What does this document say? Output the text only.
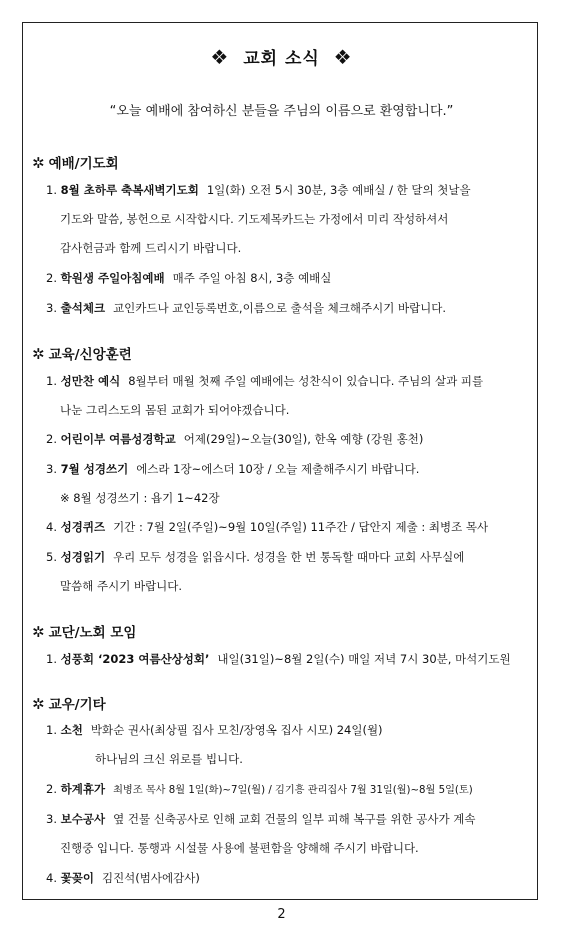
❖ 교회 소식 ❖
“오늘 예배에 참여하신 분들을 주님의 이름으로 환영합니다.”
✲ 예배/기도회
1. 8월 초하루 축복새벽기도회 1일(화) 오전 5시 30분, 3층 예배실 / 한 달의 첫날을
기도와 말씀, 봉헌으로 시작합시다. 기도제목카드는 가정에서 미리 작성하셔서
감사헌금과 함께 드리시기 바랍니다.
2. 학원생 주일아침예배 매주 주일 아침 8시, 3층 예배실
3. 출석체크 교인카드나 교인등록번호,이름으로 출석을 체크해주시기 바랍니다.
✲ 교육/신앙훈련
1. 성만찬 예식 8월부터 매월 첫째 주일 예배에는 성찬식이 있습니다. 주님의 살과 피를
나눈 그리스도의 몸된 교회가 되어야겠습니다.
2. 어린이부 여름성경학교 어제(29일)~오늘(30일), 한옥 예향 (강원 홍천)
3. 7월 성경쓰기 에스라 1장~에스더 10장 / 오늘 제출해주시기 바랍니다.
※ 8월 성경쓰기 : 욥기 1~42장
4. 성경퀴즈 기간 : 7월 2일(주일)~9월 10일(주일) 11주간 / 답안지 제출 : 최병조 목사
5. 성경읽기 우리 모두 성경을 읽읍시다. 성경을 한 번 통독할 때마다 교회 사무실에
말씀해 주시기 바랍니다.
✲ 교단/노회 모임
1. 성풍회 ‘2023 여름산상성회’ 내일(31일)~8월 2일(수) 매일 저녁 7시 30분, 마석기도원
✲ 교우/기타
1. 소천 박화순 권사(최상필 집사 모친/장영옥 집사 시모) 24일(월)
하나님의 크신 위로를 빕니다.
2. 하계휴가 최병조 목사 8월 1일(화)~7일(월) / 김기흥 관리집사 7월 31일(월)~8월 5일(토)
3. 보수공사 옆 건물 신축공사로 인해 교회 건물의 일부 피해 복구를 위한 공사가 계속
진행중 입니다. 통행과 시설물 사용에 불편함을 양해해 주시기 바랍니다.
4. 꽃꽂이 김진석(범사에감사)
2
